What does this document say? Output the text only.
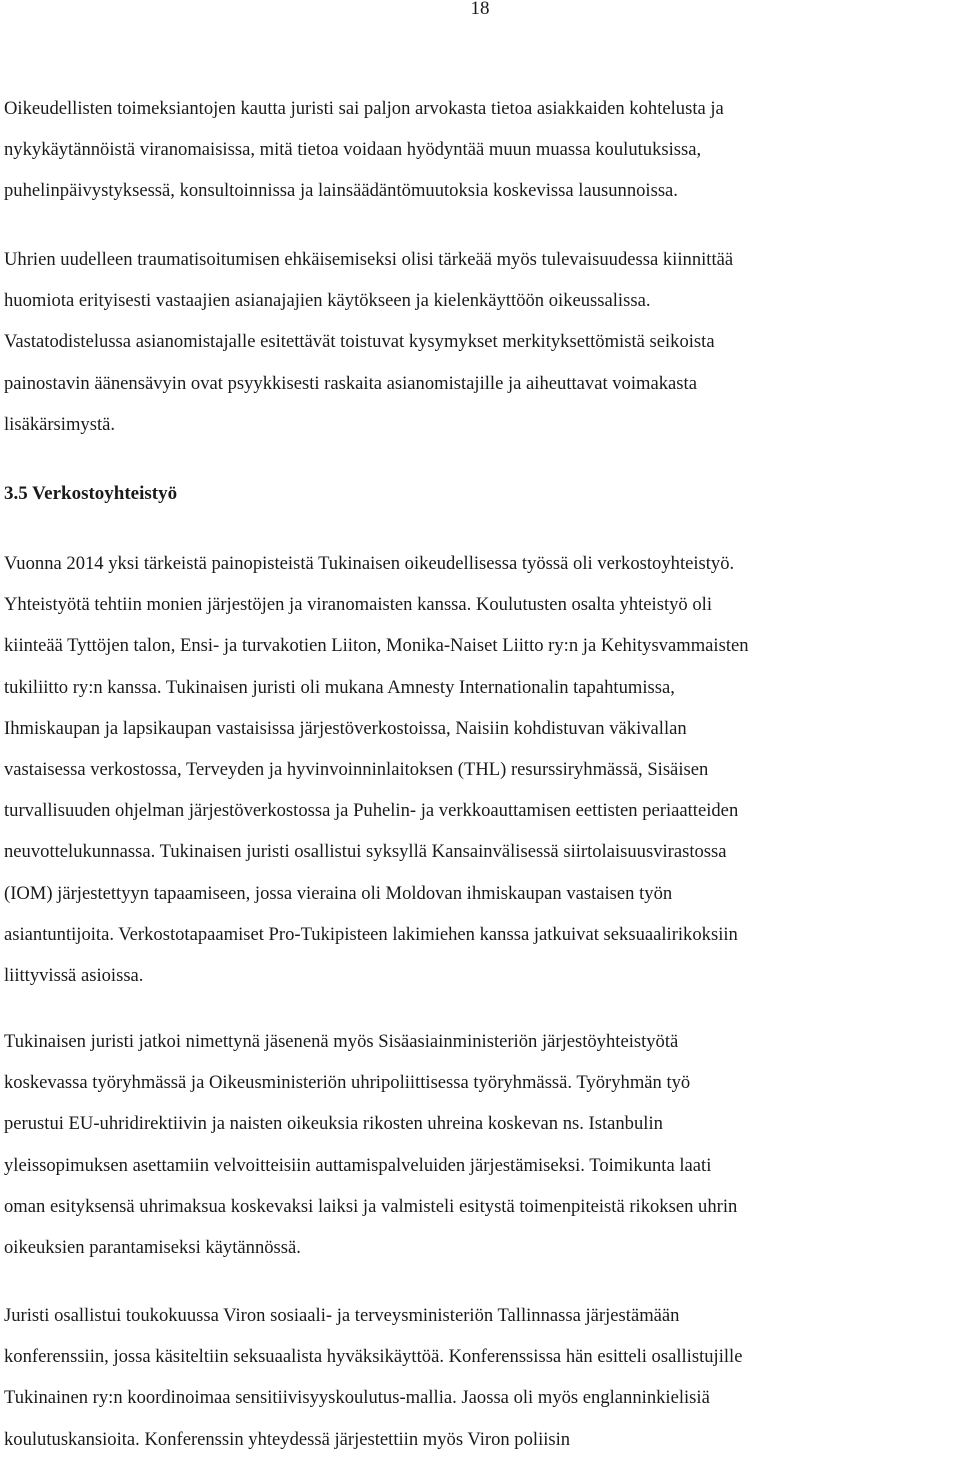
18
Oikeudellisten toimeksiantojen kautta juristi sai paljon arvokasta tietoa asiakkaiden kohtelusta ja
nykykäytännöistä viranomaisissa, mitä tietoa voidaan hyödyntää muun muassa koulutuksissa,
puhelinpäivystyksessä, konsultoinnissa ja lainsäädäntömuutoksia koskevissa lausunnoissa.
Uhrien uudelleen traumatisoitumisen ehkäisemiseksi olisi tärkeää myös tulevaisuudessa kiinnittää
huomiota erityisesti vastaajien asianajajien käytökseen ja kielenkäyttöön oikeussalissa.
Vastatodistelussa asianomistajalle esitettävät toistuvat kysymykset merkityksettömistä seikoista
painostavin äänensävyin ovat psyykkisesti raskaita asianomistajille ja aiheuttavat voimakasta
lisäkärsimystä.
3.5 Verkostoyhteistyö
Vuonna 2014 yksi tärkeistä painopisteistä Tukinaisen oikeudellisessa työssä oli verkostoyhteistyö.
Yhteistyötä tehtiin monien järjestöjen ja viranomaisten kanssa. Koulutusten osalta yhteistyö oli
kiinteää Tyttöjen talon, Ensi- ja turvakotien Liiton, Monika-Naiset Liitto ry:n ja Kehitysvammaisten
tukiliitto ry:n kanssa. Tukinaisen juristi oli mukana Amnesty Internationalin tapahtumissa,
Ihmiskaupan ja lapsikaupan vastaisissa järjestöverkostoissa, Naisiin kohdistuvan väkivallan
vastaisessa verkostossa, Terveyden ja hyvinvoinninlaitoksen (THL) resurssiryhmässä, Sisäisen
turvallisuuden ohjelman järjestöverkostossa ja Puhelin- ja verkkoauttamisen eettisten periaatteiden
neuvottelukunnassa. Tukinaisen juristi osallistui syksyllä Kansainvälisessä siirtolaisuusvirastossa
(IOM) järjestettyyn tapaamiseen, jossa vieraina oli Moldovan ihmiskaupan vastaisen työn
asiantuntijoita. Verkostotapaamiset Pro-Tukipisteen lakimiehen kanssa jatkuivat seksuaalirikoksiin
liittyvissä asioissa.
Tukinaisen juristi jatkoi nimettynä jäsenenä myös Sisäasiainministeriön järjestöyhteistyötä
koskevassa työryhmässä ja Oikeusministeriön uhripoliittisessa työryhmässä. Työryhmän työ
perustui EU-uhridirektiivin ja naisten oikeuksia rikosten uhreina koskevan ns. Istanbulin
yleissopimuksen asettamiin velvoitteisiin auttamispalveluiden järjestämiseksi. Toimikunta laati
oman esityksensä uhrimaksua koskevaksi laiksi ja valmisteli esitystä toimenpiteistä rikoksen uhrin
oikeuksien parantamiseksi käytännössä.
Juristi osallistui toukokuussa Viron sosiaali- ja terveysministeriön Tallinnassa järjestämään
konferenssiin, jossa käsiteltiin seksuaalista hyväksikäyttöä. Konferenssissa hän esitteli osallistujille
Tukinainen ry:n koordinoimaa sensitiivisyyskoulutus-mallia. Jaossa oli myös englanninkielisiä
koulutuskansioita. Konferenssin yhteydessä järjestettiin myös Viron poliisin
